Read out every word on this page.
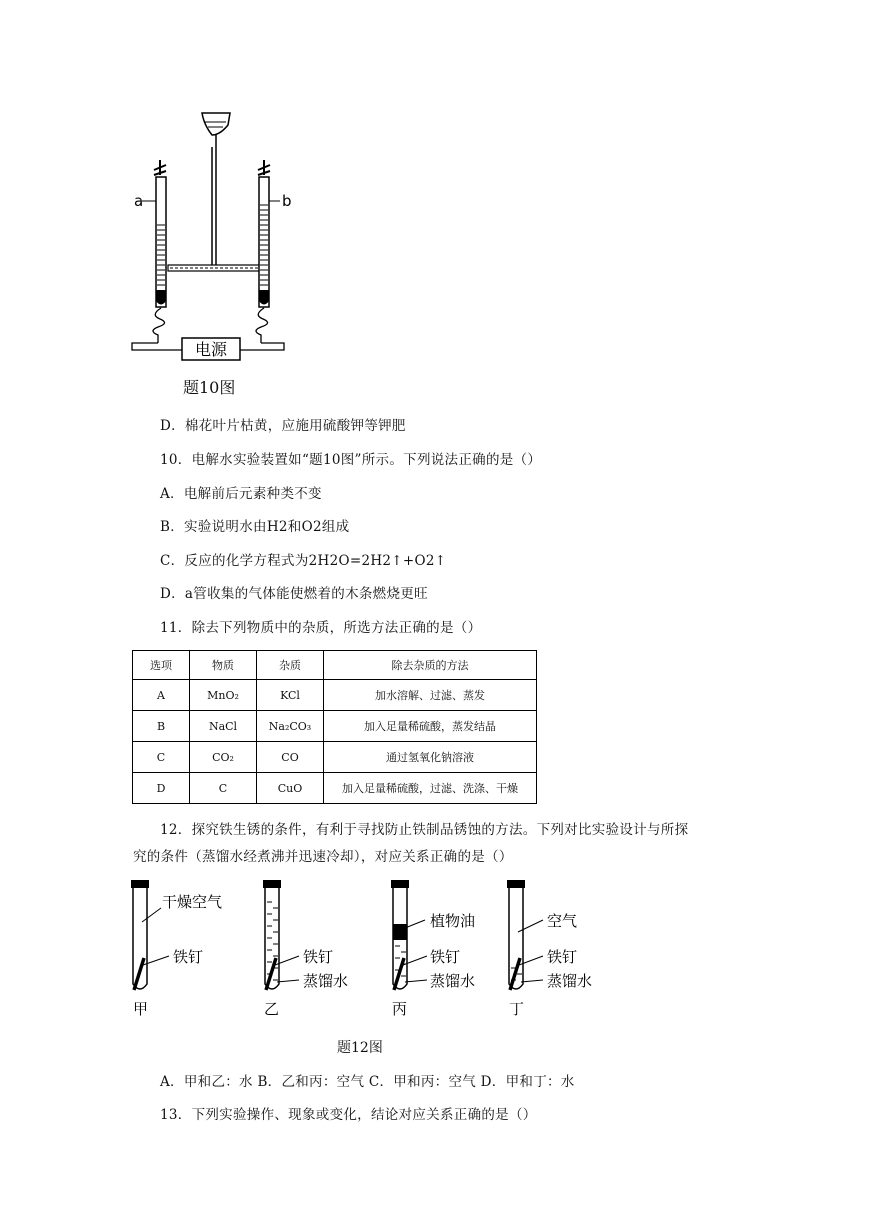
a	b
电源
题10图
D．棉花叶片枯黄，应施用硫酸钾等钾肥
10．电解水实验装置如“题10图”所示。下列说法正确的是（）
A．电解前后元素种类不变
B．实验说明水由H2和O2组成
C．反应的化学方程式为2H2O=2H2↑+O2↑
D．a管收集的气体能使燃着的木条燃烧更旺
11．除去下列物质中的杂质，所选方法正确的是（）
选项	物质	杂质	除去杂质的方法
A	MnO₂	KCl	加水溶解、过滤、蒸发
B	NaCl	Na₂CO₃	加入足量稀硫酸，蒸发结晶
C	CO₂	CO	通过氢氧化钠溶液
D	C	CuO	加入足量稀硫酸，过滤、洗涤、干燥
12．探究铁生锈的条件，有利于寻找防止铁制品锈蚀的方法。下列对比实验设计与所探
究的条件（蒸馏水经煮沸并迅速冷却），对应关系正确的是（）
干燥空气
铁钉
甲
铁钉
蒸馏水
乙
植物油
铁钉
蒸馏水
丙
空气
铁钉
蒸馏水
丁
题12图
A．甲和乙：水 B．乙和丙：空气 C．甲和丙：空气 D．甲和丁：水
13．下列实验操作、现象或变化，结论对应关系正确的是（）
